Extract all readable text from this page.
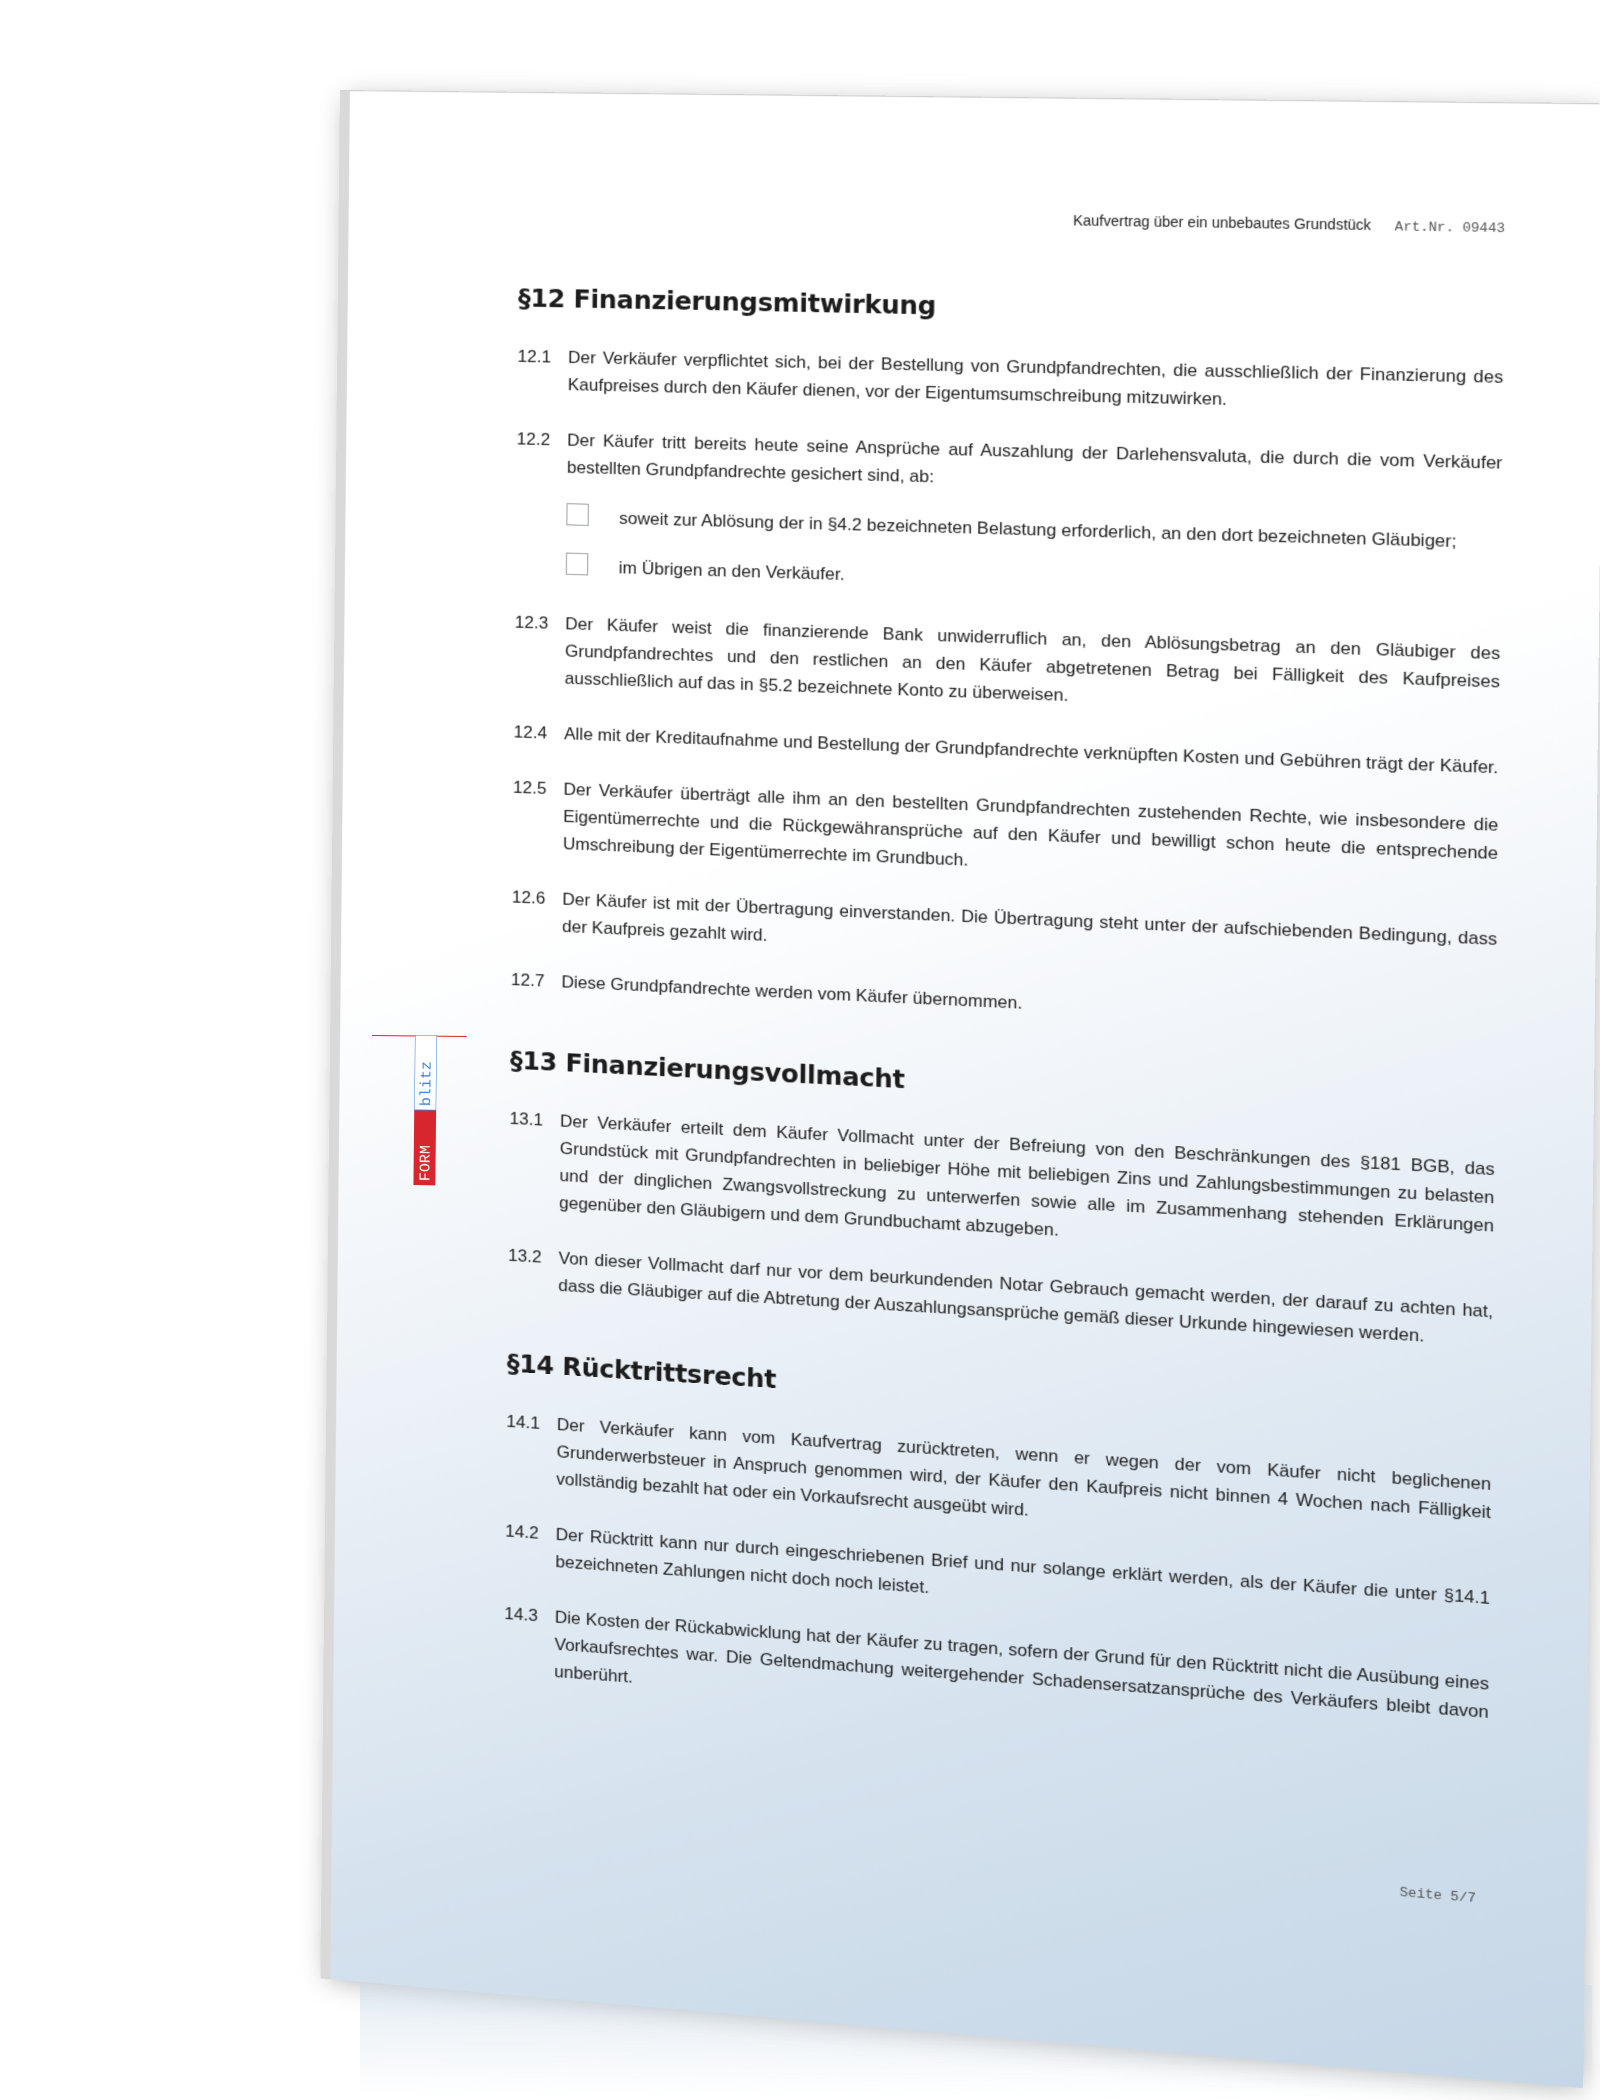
Kaufvertrag über ein unbebautes Grundstück Art.Nr. 09443
§12 Finanzierungsmitwirkung
12.1 Der Verkäufer verpflichtet sich, bei der Bestellung von Grundpfandrechten, die ausschließlich der Finanzierung des Kaufpreises durch den Käufer dienen, vor der Eigentumsumschreibung mitzuwirken.
12.2 Der Käufer tritt bereits heute seine Ansprüche auf Auszahlung der Darlehensvaluta, die durch die vom Verkäufer bestellten Grundpfandrechte gesichert sind, ab:
soweit zur Ablösung der in §4.2 bezeichneten Belastung erforderlich, an den dort bezeichneten Gläubiger;
im Übrigen an den Verkäufer.
12.3 Der Käufer weist die finanzierende Bank unwiderruflich an, den Ablösungsbetrag an den Gläubiger des Grundpfandrechtes und den restlichen an den Käufer abgetretenen Betrag bei Fälligkeit des Kaufpreises ausschließlich auf das in §5.2 bezeichnete Konto zu überweisen.
12.4 Alle mit der Kreditaufnahme und Bestellung der Grundpfandrechte verknüpften Kosten und Gebühren trägt der Käufer.
12.5 Der Verkäufer überträgt alle ihm an den bestellten Grundpfandrechten zustehenden Rechte, wie insbesondere die Eigentümerrechte und die Rückgewähransprüche auf den Käufer und bewilligt schon heute die entsprechende Umschreibung der Eigentümerrechte im Grundbuch.
12.6 Der Käufer ist mit der Übertragung einverstanden. Die Übertragung steht unter der aufschiebenden Bedingung, dass der Kaufpreis gezahlt wird.
12.7 Diese Grundpfandrechte werden vom Käufer übernommen.
§13 Finanzierungsvollmacht
13.1 Der Verkäufer erteilt dem Käufer Vollmacht unter der Befreiung von den Beschränkungen des §181 BGB, das Grundstück mit Grundpfandrechten in beliebiger Höhe mit beliebigen Zins und Zahlungsbestimmungen zu belasten und der dinglichen Zwangsvollstreckung zu unterwerfen sowie alle im Zusammenhang stehenden Erklärungen gegenüber den Gläubigern und dem Grundbuchamt abzugeben.
13.2 Von dieser Vollmacht darf nur vor dem beurkundenden Notar Gebrauch gemacht werden, der darauf zu achten hat, dass die Gläubiger auf die Abtretung der Auszahlungsansprüche gemäß dieser Urkunde hingewiesen werden.
§14 Rücktrittsrecht
14.1 Der Verkäufer kann vom Kaufvertrag zurücktreten, wenn er wegen der vom Käufer nicht beglichenen Grunderwerbsteuer in Anspruch genommen wird, der Käufer den Kaufpreis nicht binnen 4 Wochen nach Fälligkeit vollständig bezahlt hat oder ein Vorkaufsrecht ausgeübt wird.
14.2 Der Rücktritt kann nur durch eingeschriebenen Brief und nur solange erklärt werden, als der Käufer die unter §14.1 bezeichneten Zahlungen nicht doch noch leistet.
14.3 Die Kosten der Rückabwicklung hat der Käufer zu tragen, sofern der Grund für den Rücktritt nicht die Ausübung eines Vorkaufsrechtes war. Die Geltendmachung weitergehender Schadensersatzansprüche des Verkäufers bleibt davon unberührt.
Seite 5/7
FORM
blitz
